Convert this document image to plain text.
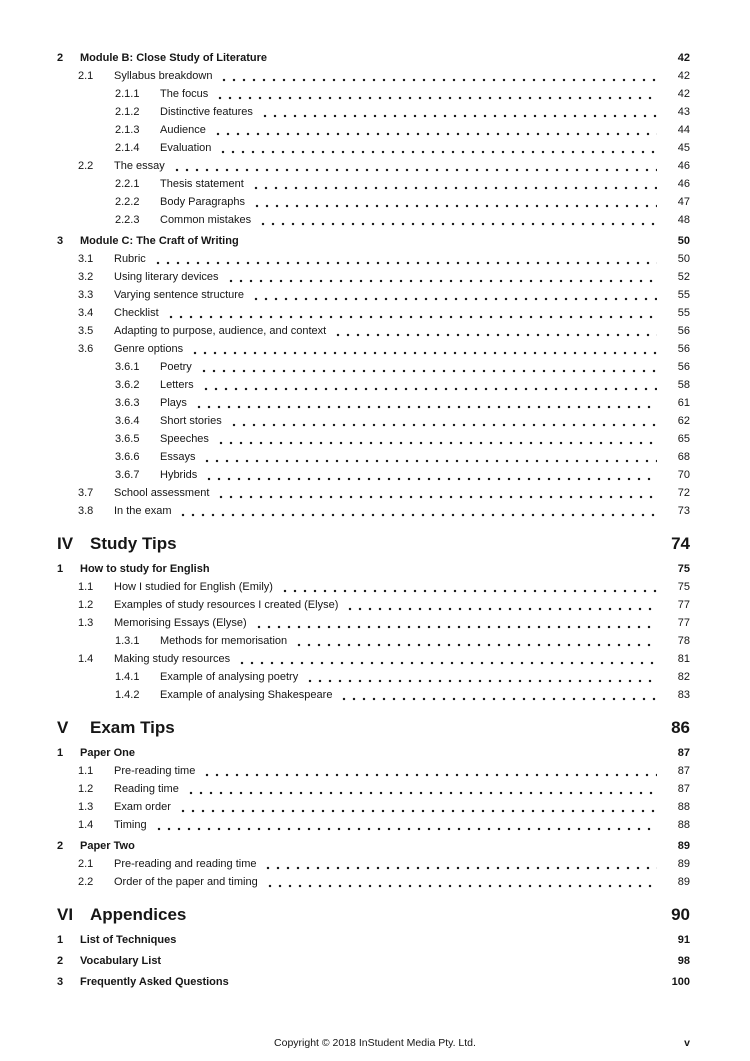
2	Module B: Close Study of Literature	42
2.1	Syllabus breakdown	42
2.1.1	The focus	42
2.1.2	Distinctive features	43
2.1.3	Audience	44
2.1.4	Evaluation	45
2.2	The essay	46
2.2.1	Thesis statement	46
2.2.2	Body Paragraphs	47
2.2.3	Common mistakes	48
3	Module C: The Craft of Writing	50
3.1	Rubric	50
3.2	Using literary devices	52
3.3	Varying sentence structure	55
3.4	Checklist	55
3.5	Adapting to purpose, audience, and context	56
3.6	Genre options	56
3.6.1	Poetry	56
3.6.2	Letters	58
3.6.3	Plays	61
3.6.4	Short stories	62
3.6.5	Speeches	65
3.6.6	Essays	68
3.6.7	Hybrids	70
3.7	School assessment	72
3.8	In the exam	73
IV Study Tips	74
1	How to study for English	75
1.1	How I studied for English (Emily)	75
1.2	Examples of study resources I created (Elyse)	77
1.3	Memorising Essays (Elyse)	77
1.3.1	Methods for memorisation	78
1.4	Making study resources	81
1.4.1	Example of analysing poetry	82
1.4.2	Example of analysing Shakespeare	83
V	Exam Tips	86
1	Paper One	87
1.1	Pre-reading time	87
1.2	Reading time	87
1.3	Exam order	88
1.4	Timing	88
2	Paper Two	89
2.1	Pre-reading and reading time	89
2.2	Order of the paper and timing	89
VI Appendices	90
1	List of Techniques	91
2	Vocabulary List	98
3	Frequently Asked Questions	100
Copyright © 2018 InStudent Media Pty. Ltd.	v
